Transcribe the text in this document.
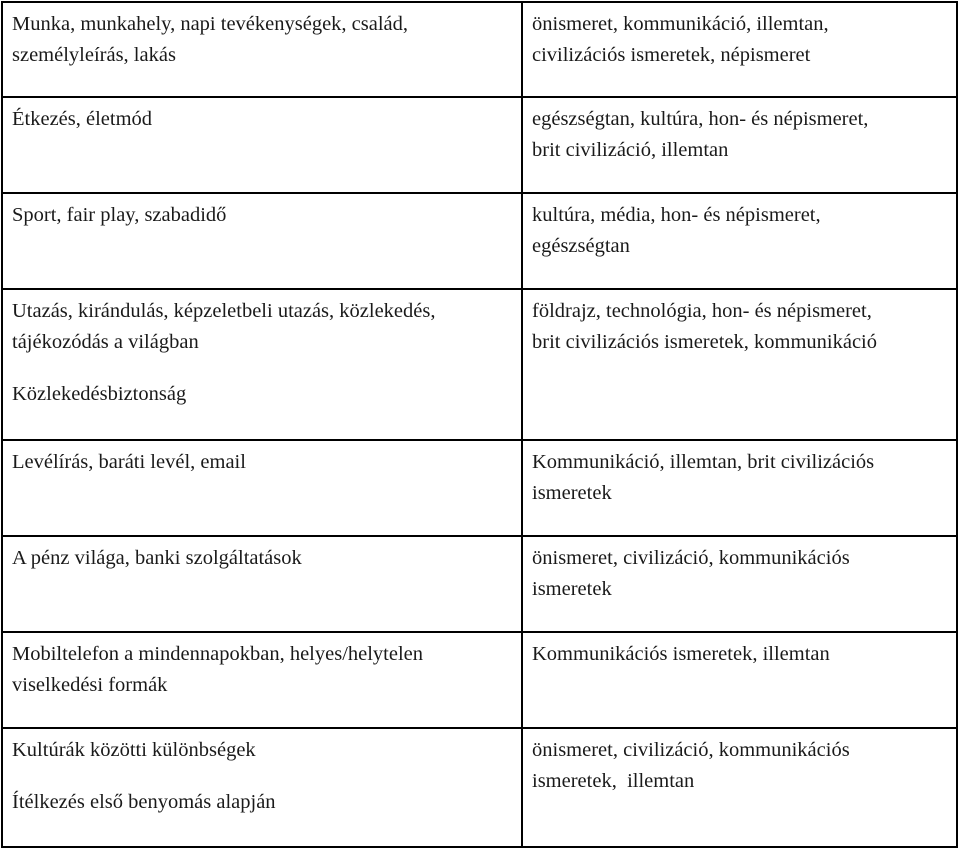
Munka, munkahely, napi tevékenységek, család,
személyleírás, lakás	önismeret, kommunikáció, illemtan,
civilizációs ismeretek, népismeret

Étkezés, életmód	egészségtan, kultúra, hon- és népismeret,
brit civilizáció, illemtan

Sport, fair play, szabadidő	kultúra, média, hon- és népismeret,
egészségtan

Utazás, kirándulás, képzeletbeli utazás, közlekedés,
tájékozódás a világban
Közlekedésbiztonság	földrajz, technológia, hon- és népismeret,
brit civilizációs ismeretek, kommunikáció

Levélírás, baráti levél, email	Kommunikáció, illemtan, brit civilizációs
ismeretek

A pénz világa, banki szolgáltatások	önismeret, civilizáció, kommunikációs
ismeretek

Mobiltelefon a mindennapokban, helyes/helytelen
viselkedési formák	Kommunikációs ismeretek, illemtan

Kultúrák közötti különbségek
Ítélkezés első benyomás alapján	önismeret, civilizáció, kommunikációs
ismeretek,  illemtan
